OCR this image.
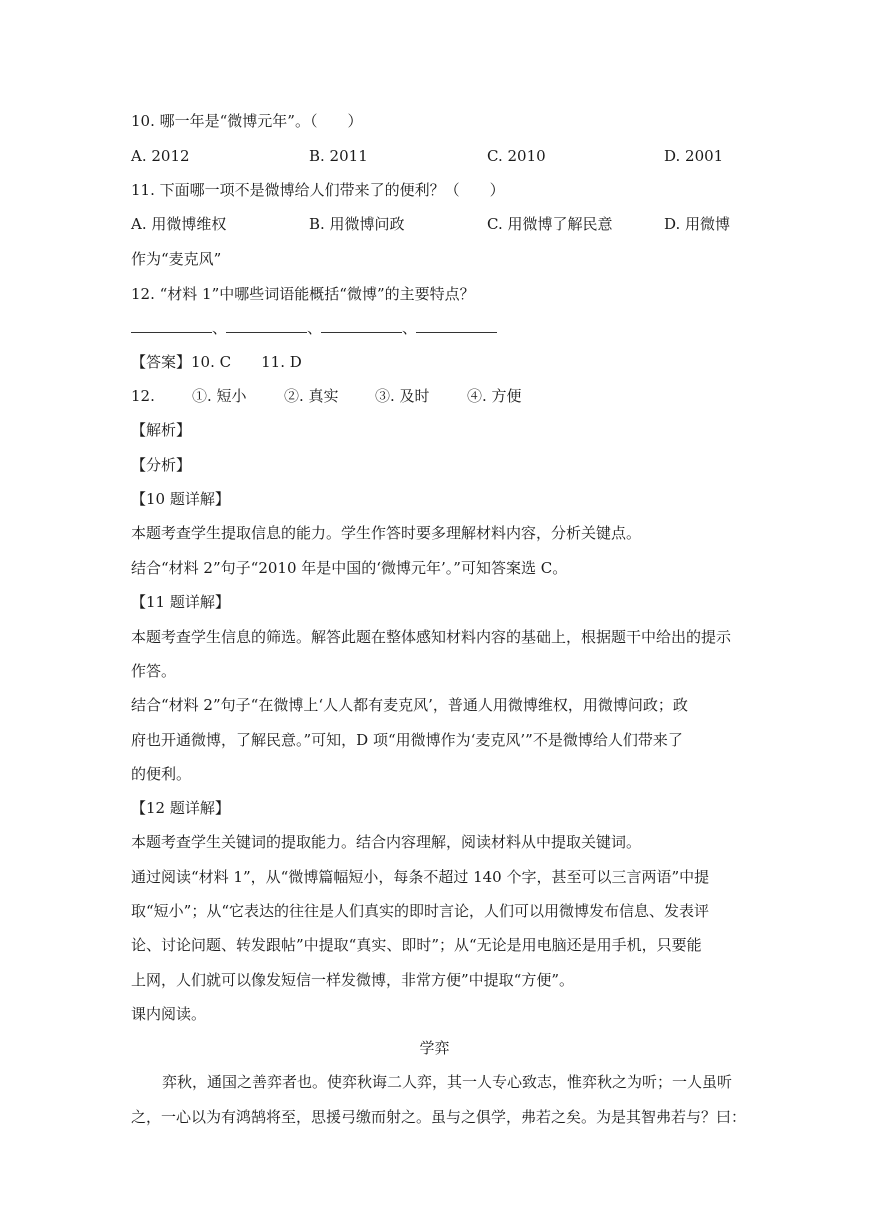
10. 哪一年是“微博元年”。（　　）
A. 2012	B. 2011	C. 2010	D. 2001
11. 下面哪一项不是微博给人们带来了的便利？（　　）
A. 用微博维权	B. 用微博问政	C. 用微博了解民意	D. 用微博
作为“麦克风”
12. “材料 1”中哪些词语能概括“微博”的主要特点？
、	、	、
【答案】10. C　　11. D
12. ①. 短小 ②. 真实 ③. 及时 ④. 方便
【解析】
【分析】
【10 题详解】
本题考查学生提取信息的能力。学生作答时要多理解材料内容，分析关键点。
结合“材料 2”句子“2010 年是中国的‘微博元年’。”可知答案选 C。
【11 题详解】
本题考查学生信息的筛选。解答此题在整体感知材料内容的基础上，根据题干中给出的提示
作答。
结合“材料 2”句子“在微博上‘人人都有麦克风’，普通人用微博维权，用微博问政；政
府也开通微博，了解民意。”可知，D 项“用微博作为‘麦克风’”不是微博给人们带来了
的便利。
【12 题详解】
本题考查学生关键词的提取能力。结合内容理解，阅读材料从中提取关键词。
通过阅读“材料 1”，从“微博篇幅短小，每条不超过 140 个字，甚至可以三言两语”中提
取“短小”；从“它表达的往往是人们真实的即时言论，人们可以用微博发布信息、发表评
论、讨论问题、转发跟帖”中提取“真实、即时”；从“无论是用电脑还是用手机，只要能
上网，人们就可以像发短信一样发微博，非常方便”中提取“方便”。
课内阅读。
学弈
弈秋，通国之善弈者也。使弈秋诲二人弈，其一人专心致志，惟弈秋之为听；一人虽听
之，一心以为有鸿鹄将至，思援弓缴而射之。虽与之俱学，弗若之矣。为是其智弗若与？曰：
